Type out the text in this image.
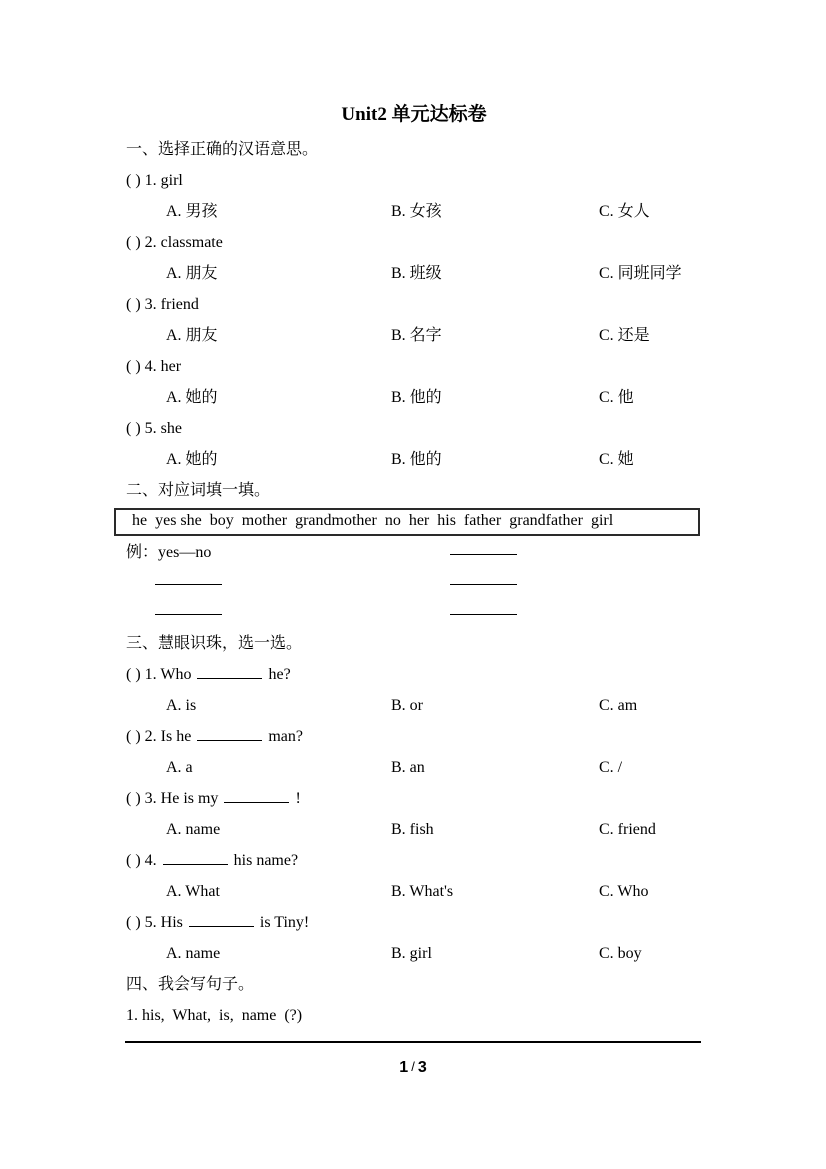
Unit2 单元达标卷
一、选择正确的汉语意思。
( ) 1. girl
A. 男孩	B. 女孩	C. 女人
( ) 2. classmate
A. 朋友	B. 班级	C. 同班同学
( ) 3. friend
A. 朋友	B. 名字	C. 还是
( ) 4. her
A. 她的	B. 他的	C. 他
( ) 5. she
A. 她的	B. 他的	C. 她
二、对应词填一填。
he  yes she  boy  mother  grandmother  no  her  his  father  grandfather  girl
例：yes—no
三、慧眼识珠，选一选。
( ) 1. Who	he?
A. is	B. or	C. am
( ) 2. Is he	man?
A. a	B. an	C. /
( ) 3. He is my	!
A. name	B. fish	C. friend
( ) 4.	his name?
A. What	B. What's	C. Who
( ) 5. His	is Tiny!
A. name	B. girl	C. boy
四、我会写句子。
1. his,  What,  is,  name  (?)
1 / 3
